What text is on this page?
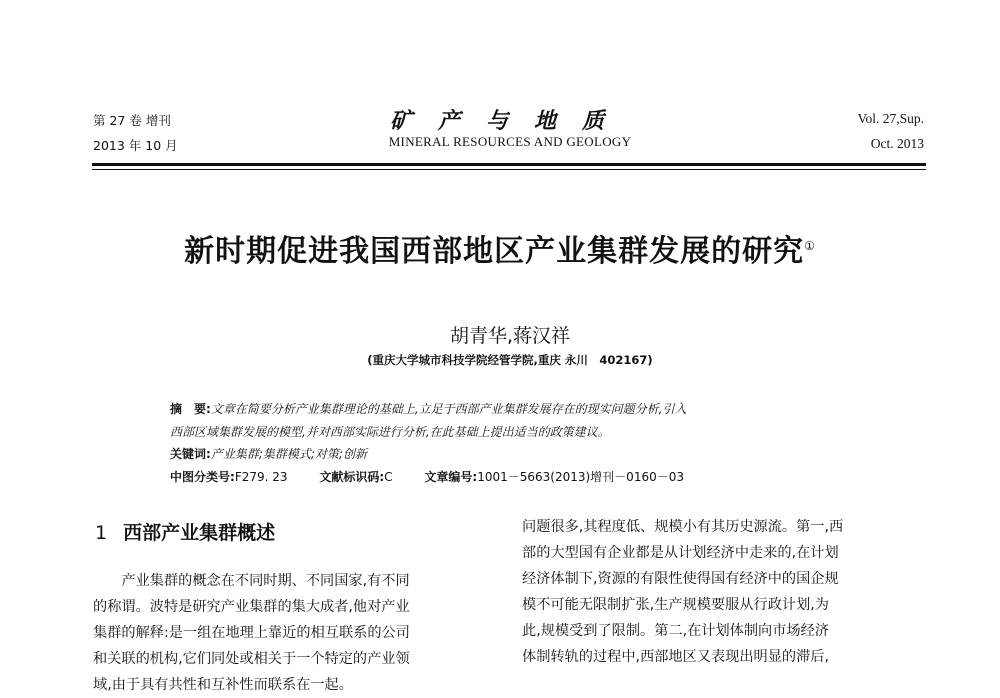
第 27 卷 增刊
2013 年 10 月
矿产与地质
MINERAL RESOURCES AND GEOLOGY
Vol. 27,Sup.
Oct. 2013
新时期促进我国西部地区产业集群发展的研究①
胡青华,蒋汉祥
(重庆大学城市科技学院经管学院,重庆 永川　402167)
摘　要:文章在简要分析产业集群理论的基础上,立足于西部产业集群发展存在的现实问题分析,引入
西部区域集群发展的模型,并对西部实际进行分析,在此基础上提出适当的政策建议。
关键词:产业集群;集群模式;对策;创新
中图分类号:F279. 23	文献标识码:C	文章编号:1001－5663(2013)增刊－0160－03
1 西部产业集群概述
　　产业集群的概念在不同时期、不同国家,有不同
的称谓。波特是研究产业集群的集大成者,他对产业
集群的解释:是一组在地理上靠近的相互联系的公司
和关联的机构,它们同处或相关于一个特定的产业领
域,由于具有共性和互补性而联系在一起。
问题很多,其程度低、规模小有其历史源流。第一,西
部的大型国有企业都是从计划经济中走来的,在计划
经济体制下,资源的有限性使得国有经济中的国企规
模不可能无限制扩张,生产规模要服从行政计划,为
此,规模受到了限制。第二,在计划体制向市场经济
体制转轨的过程中,西部地区又表现出明显的滞后,
